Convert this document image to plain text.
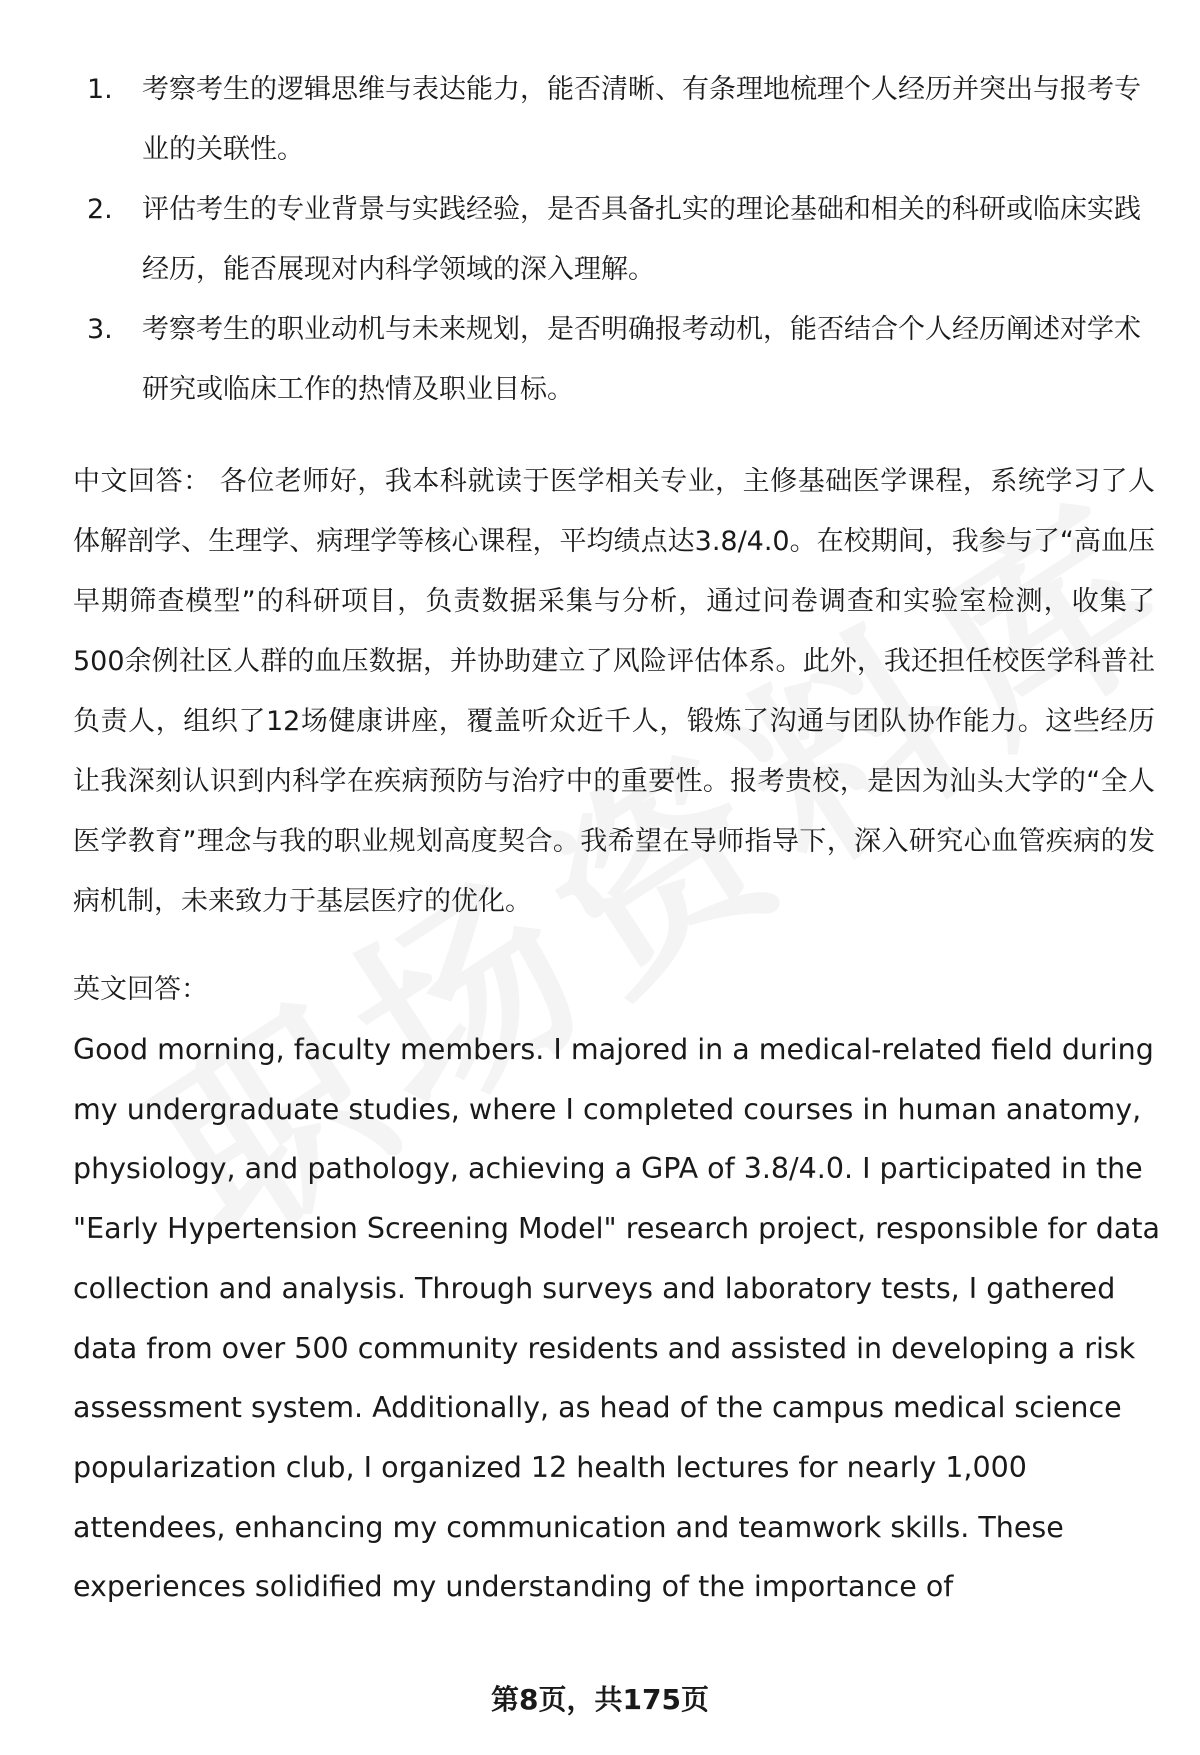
1.	考察考生的逻辑思维与表达能力，能否清晰、有条理地梳理个人经历并突出与报考专业的关联性。
2.	评估考生的专业背景与实践经验，是否具备扎实的理论基础和相关的科研或临床实践经历，能否展现对内科学领域的深入理解。
3.	考察考生的职业动机与未来规划，是否明确报考动机，能否结合个人经历阐述对学术研究或临床工作的热情及职业目标。

中文回答： 各位老师好，我本科就读于医学相关专业，主修基础医学课程，系统学习了人体解剖学、生理学、病理学等核心课程，平均绩点达3.8/4.0。在校期间，我参与了“高血压早期筛查模型”的科研项目，负责数据采集与分析，通过问卷调查和实验室检测，收集了500余例社区人群的血压数据，并协助建立了风险评估体系。此外，我还担任校医学科普社负责人，组织了12场健康讲座，覆盖听众近千人，锻炼了沟通与团队协作能力。这些经历让我深刻认识到内科学在疾病预防与治疗中的重要性。报考贵校，是因为汕头大学的“全人医学教育”理念与我的职业规划高度契合。我希望在导师指导下，深入研究心血管疾病的发病机制，未来致力于基层医疗的优化。

英文回答：

Good morning, faculty members. I majored in a medical-related field during my undergraduate studies, where I completed courses in human anatomy, physiology, and pathology, achieving a GPA of 3.8/4.0. I participated in the "Early Hypertension Screening Model" research project, responsible for data collection and analysis. Through surveys and laboratory tests, I gathered data from over 500 community residents and assisted in developing a risk assessment system. Additionally, as head of the campus medical science popularization club, I organized 12 health lectures for nearly 1,000 attendees, enhancing my communication and teamwork skills. These experiences solidified my understanding of the importance of

第8页，共175页
